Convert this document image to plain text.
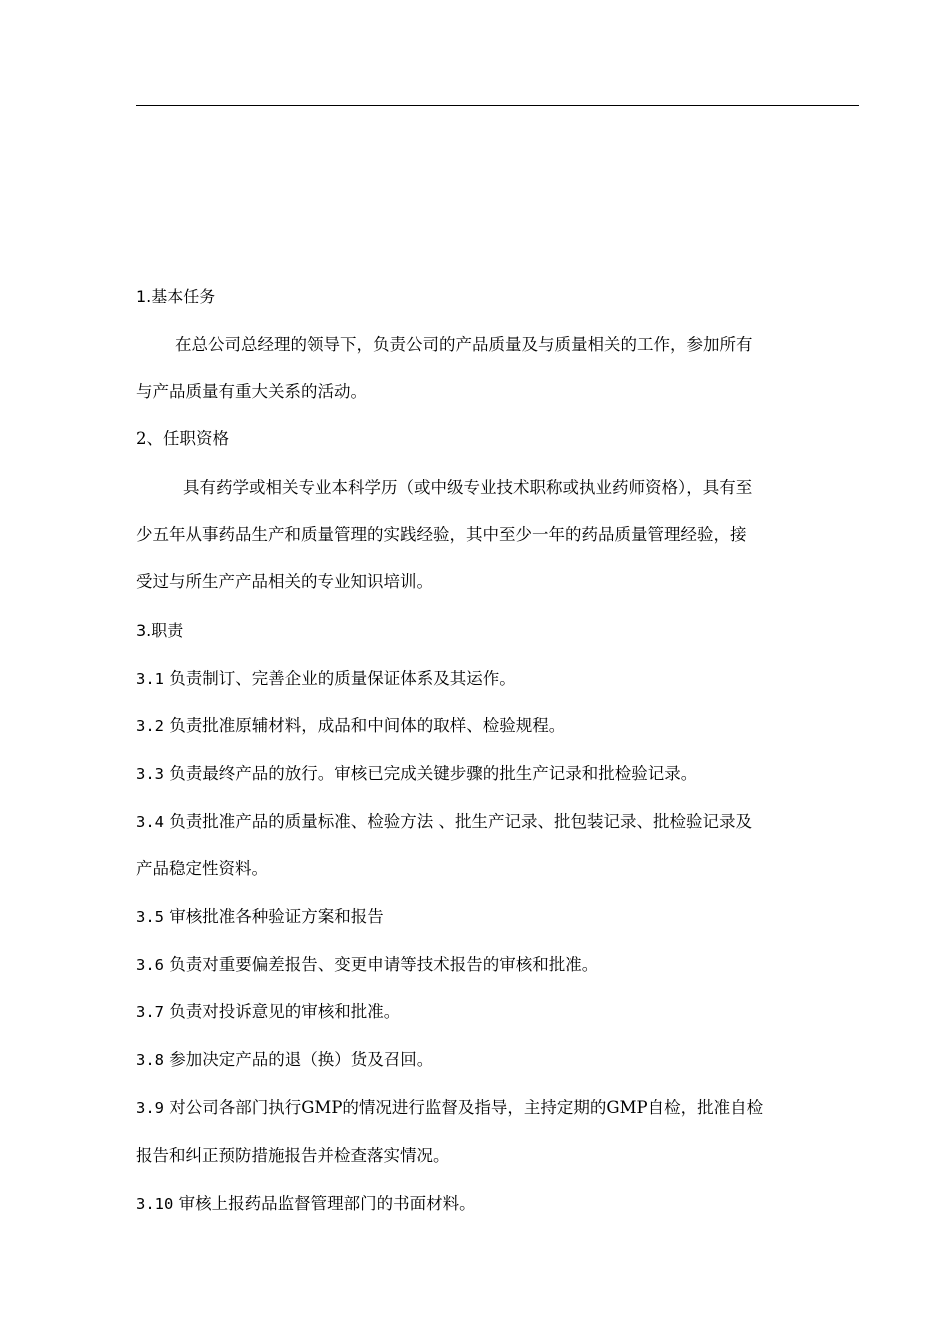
1.基本任务

在总公司总经理的领导下，负责公司的产品质量及与质量相关的工作，参加所有

与产品质量有重大关系的活动。

2、任职资格

具有药学或相关专业本科学历（或中级专业技术职称或执业药师资格），具有至

少五年从事药品生产和质量管理的实践经验，其中至少一年的药品质量管理经验，接

受过与所生产产品相关的专业知识培训。

3.职责

3.1 负责制订、完善企业的质量保证体系及其运作。

3.2 负责批准原辅材料，成品和中间体的取样、检验规程。

3.3 负责最终产品的放行。审核已完成关键步骤的批生产记录和批检验记录。

3.4 负责批准产品的质量标准、检验方法 、批生产记录、批包装记录、批检验记录及

产品稳定性资料。

3.5 审核批准各种验证方案和报告

3.6 负责对重要偏差报告、变更申请等技术报告的审核和批准。

3.7 负责对投诉意见的审核和批准。

3.8 参加决定产品的退（换）货及召回。

3.9 对公司各部门执行GMP的情况进行监督及指导，主持定期的GMP自检，批准自检

报告和纠正预防措施报告并检查落实情况。

3.10 审核上报药品监督管理部门的书面材料。
